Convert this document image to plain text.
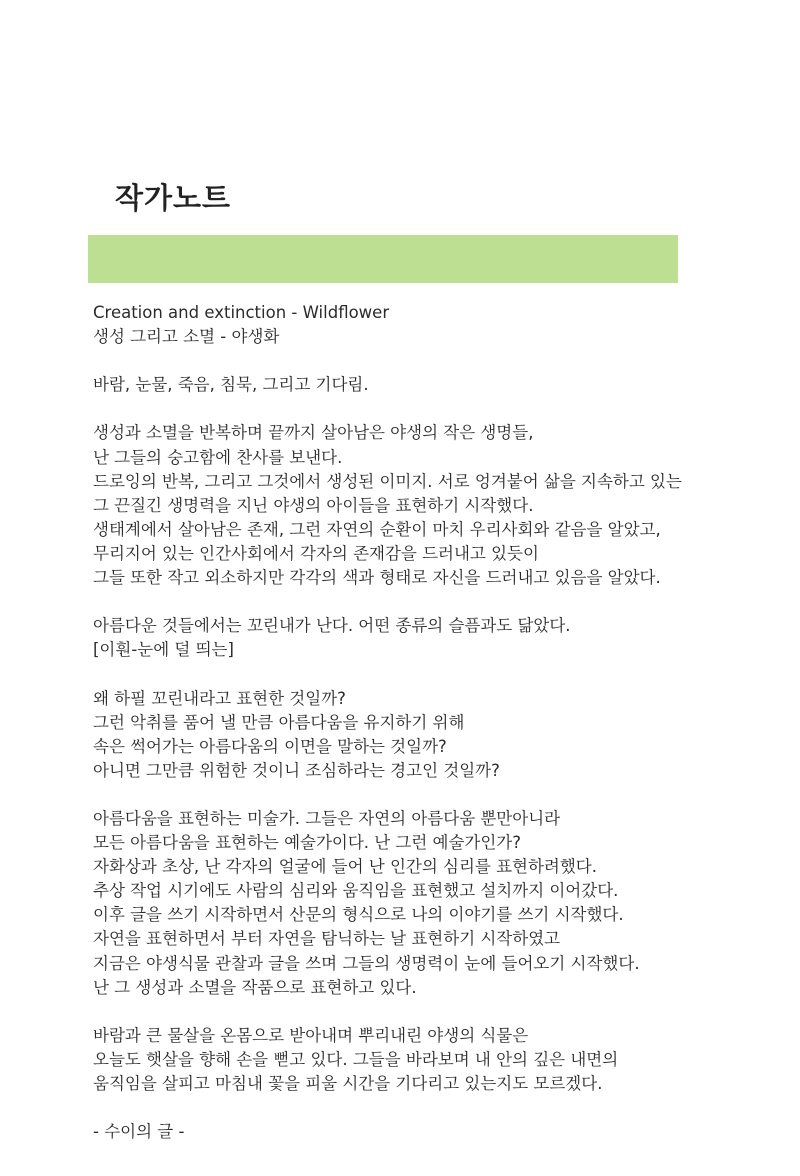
작가노트
Creation and extinction - Wildflower
생성 그리고 소멸 - 야생화
바람, 눈물, 죽음, 침묵, 그리고 기다림.
생성과 소멸을 반복하며 끝까지 살아남은 야생의 작은 생명들,
난 그들의 숭고함에 찬사를 보낸다.
드로잉의 반복, 그리고 그것에서 생성된 이미지. 서로 엉겨붙어 삶을 지속하고 있는
그 끈질긴 생명력을 지닌 야생의 아이들을 표현하기 시작했다.
생태계에서 살아남은 존재, 그런 자연의 순환이 마치 우리사회와 같음을 알았고,
무리지어 있는 인간사회에서 각자의 존재감을 드러내고 있듯이
그들 또한 작고 외소하지만 각각의 색과 형태로 자신을 드러내고 있음을 알았다.
아름다운 것들에서는 꼬린내가 난다. 어떤 종류의 슬픔과도 닮았다.
[이훤-눈에 덜 띄는]
왜 하필 꼬린내라고 표현한 것일까?
그런 악취를 품어 낼 만큼 아름다움을 유지하기 위해
속은 썩어가는 아름다움의 이면을 말하는 것일까?
아니면 그만큼 위험한 것이니 조심하라는 경고인 것일까?
아름다움을 표현하는 미술가. 그들은 자연의 아름다움 뿐만아니라
모든 아름다움을 표현하는 예술가이다. 난 그런 예술가인가?
자화상과 초상, 난 각자의 얼굴에 들어 난 인간의 심리를 표현하려했다.
추상 작업 시기에도 사람의 심리와 움직임을 표현했고 설치까지 이어갔다.
이후 글을 쓰기 시작하면서 산문의 형식으로 나의 이야기를 쓰기 시작했다.
자연을 표현하면서 부터 자연을 탐닉하는 날 표현하기 시작하였고
지금은 야생식물 관찰과 글을 쓰며 그들의 생명력이 눈에 들어오기 시작했다.
난 그 생성과 소멸을 작품으로 표현하고 있다.
바람과 큰 물살을 온몸으로 받아내며 뿌리내린 야생의 식물은
오늘도 햇살을 향해 손을 뻗고 있다. 그들을 바라보며 내 안의 깊은 내면의
움직임을 살피고 마침내 꽃을 피울 시간을 기다리고 있는지도 모르겠다.
- 수이의 글 -
